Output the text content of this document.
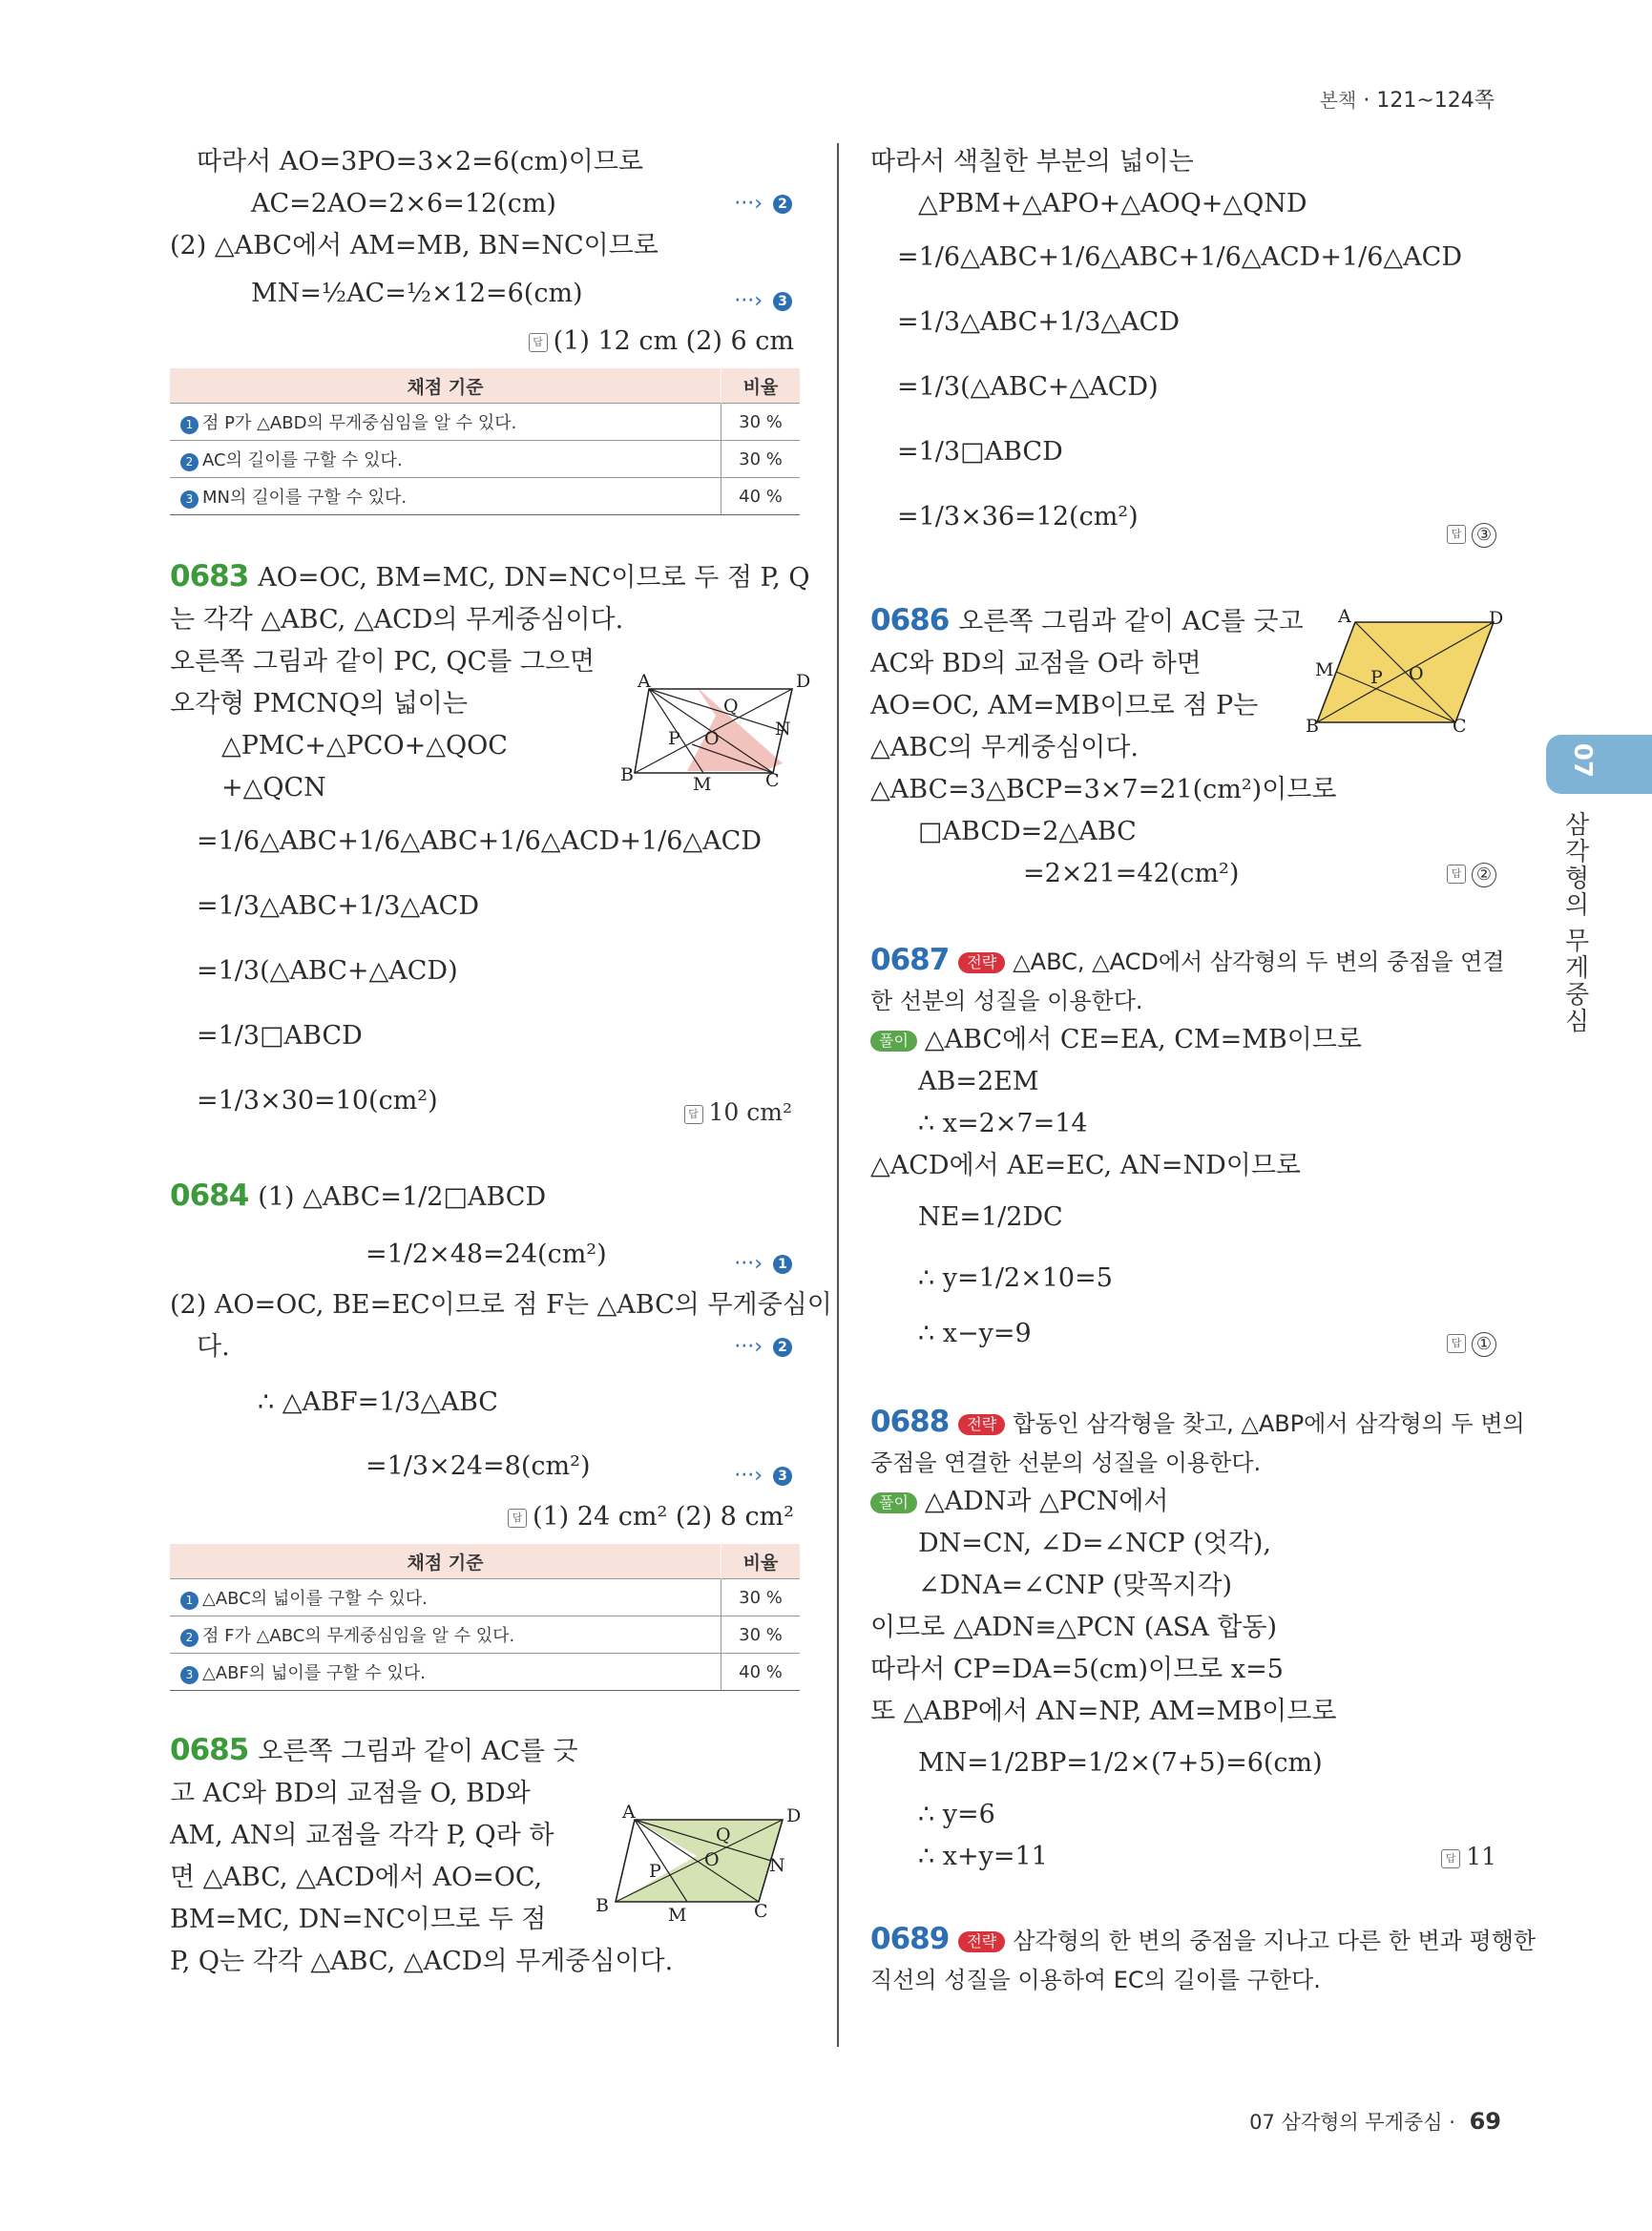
본책 · 121~124쪽
따라서 AO=3PO=3×2=6(cm)이므로
AC=2AO=2×6=12(cm)	···› 2
(2) △ABC에서 AM=MB, BN=NC이므로
MN=½AC=½×12=6(cm)	···› 3
답 (1) 12 cm (2) 6 cm
채점 기준	비율
1 점 P가 △ABD의 무게중심임을 알 수 있다.	30 %
2 AC의 길이를 구할 수 있다.	30 %
3 MN의 길이를 구할 수 있다.	40 %
0683 AO=OC, BM=MC, DN=NC이므로 두 점 P, Q
는 각각 △ABC, △ACD의 무게중심이다.
오른쪽 그림과 같이 PC, QC를 그으면
오각형 PMCNQ의 넓이는
△PMC+△PCO+△QOC
+△QCN
=1/6△ABC+1/6△ABC+1/6△ACD+1/6△ACD
=1/3△ABC+1/3△ACD
=1/3(△ABC+△ACD)
=1/3□ABCD
=1/3×30=10(cm²)	답 10 cm²
0684 (1) △ABC=1/2□ABCD
=1/2×48=24(cm²)	···› 1
(2) AO=OC, BE=EC이므로 점 F는 △ABC의 무게중심이
다.	···› 2
∴ △ABF=1/3△ABC
=1/3×24=8(cm²)	···› 3
답 (1) 24 cm² (2) 8 cm²
채점 기준	비율
1 △ABC의 넓이를 구할 수 있다.	30 %
2 점 F가 △ABC의 무게중심임을 알 수 있다.	30 %
3 △ABF의 넓이를 구할 수 있다.	40 %
0685 오른쪽 그림과 같이 AC를 긋
고 AC와 BD의 교점을 O, BD와
AM, AN의 교점을 각각 P, Q라 하
면 △ABC, △ACD에서 AO=OC,
BM=MC, DN=NC이므로 두 점
P, Q는 각각 △ABC, △ACD의 무게중심이다.
A	D
B	C
M
N
O
P
Q
A	D
B	C
M
N
O
P
Q
따라서 색칠한 부분의 넓이는
△PBM+△APO+△AOQ+△QND
=1/6△ABC+1/6△ABC+1/6△ACD+1/6△ACD
=1/3△ABC+1/3△ACD
=1/3(△ABC+△ACD)
=1/3□ABCD
=1/3×36=12(cm²)
답 ③
0686 오른쪽 그림과 같이 AC를 긋고
AC와 BD의 교점을 O라 하면
AO=OC, AM=MB이므로 점 P는
△ABC의 무게중심이다.
△ABC=3△BCP=3×7=21(cm²)이므로
□ABCD=2△ABC
=2×21=42(cm²)	답 ②
0687 전략 △ABC, △ACD에서 삼각형의 두 변의 중점을 연결
한 선분의 성질을 이용한다.
풀이 △ABC에서 CE=EA, CM=MB이므로
AB=2EM
∴ x=2×7=14
△ACD에서 AE=EC, AN=ND이므로
NE=1/2DC
∴ y=1/2×10=5
∴ x−y=9	답 ①
0688 전략 합동인 삼각형을 찾고, △ABP에서 삼각형의 두 변의
중점을 연결한 선분의 성질을 이용한다.
풀이 △ADN과 △PCN에서
DN=CN, ∠D=∠NCP (엇각),
∠DNA=∠CNP (맞꼭지각)
이므로 △ADN≡△PCN (ASA 합동)
따라서 CP=DA=5(cm)이므로 x=5
또 △ABP에서 AN=NP, AM=MB이므로
MN=1/2BP=1/2×(7+5)=6(cm)
∴ y=6
∴ x+y=11	답 11
0689 전략 삼각형의 한 변의 중점을 지나고 다른 한 변과 평행한
직선의 성질을 이용하여 EC의 길이를 구한다.
A	D
B	C
M P O
07
삼각형의 무게중심
07 삼각형의 무게중심 · 69
